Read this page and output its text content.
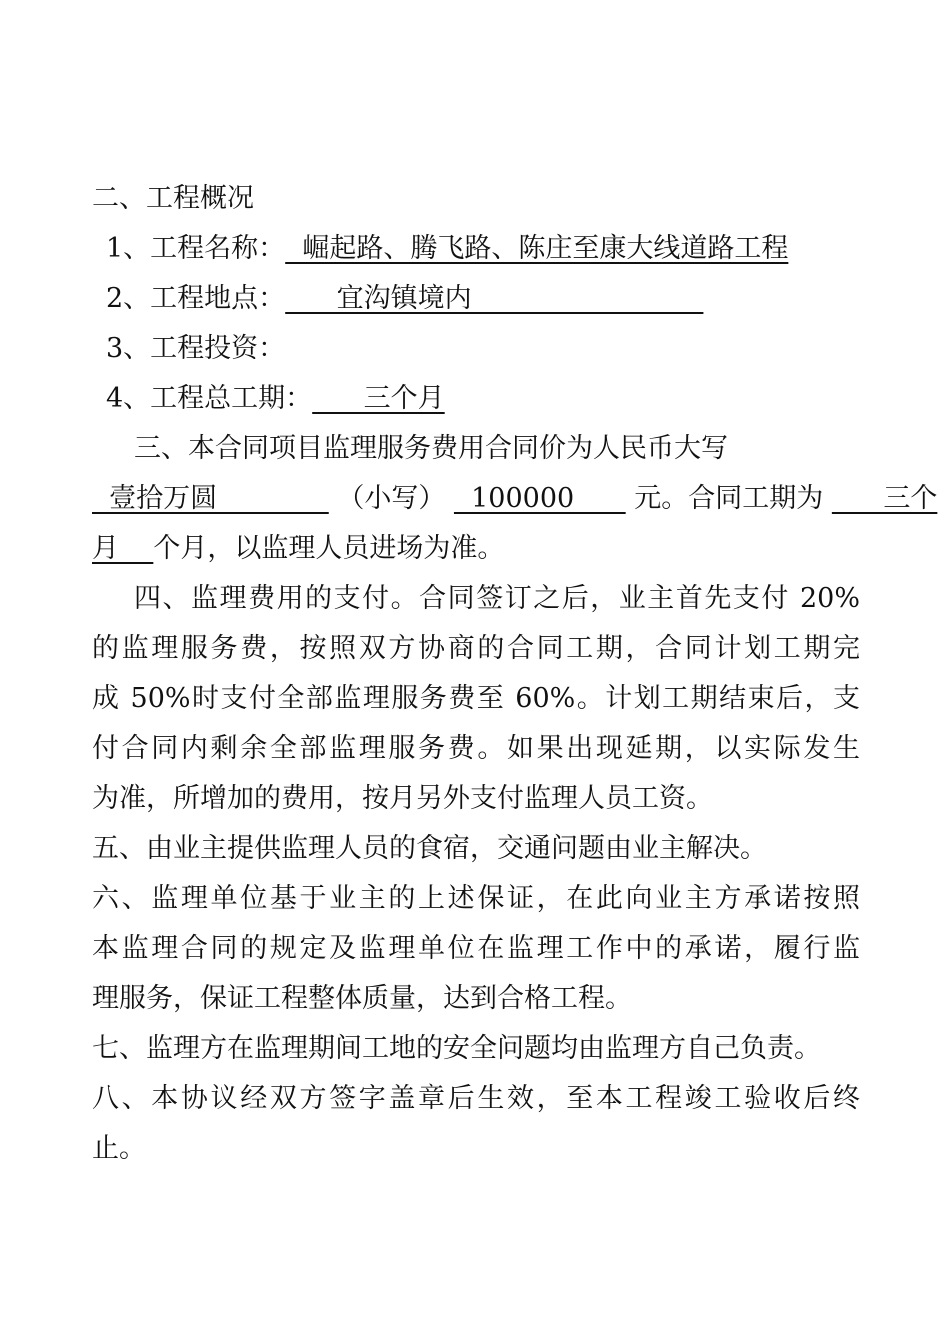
二、工程概况
1、工程名称：  崛起路、腾飞路、陈庄至康大线道路工程
2、工程地点：      宜沟镇境内
3、工程投资：
4、工程总工期：      三个月
三、本合同项目监理服务费用合同价为人民币大写
壹拾万圆              （小写）   100000       元。合同工期为       三个
月    个月，以监理人员进场为准。
四、监理费用的支付。合同签订之后，业主首先支付 20%
的监理服务费，按照双方协商的合同工期，合同计划工期完
成 50%时支付全部监理服务费至 60%。计划工期结束后，支
付合同内剩余全部监理服务费。如果出现延期，以实际发生
为准，所增加的费用，按月另外支付监理人员工资。
五、由业主提供监理人员的食宿，交通问题由业主解决。
六、监理单位基于业主的上述保证，在此向业主方承诺按照
本监理合同的规定及监理单位在监理工作中的承诺，履行监
理服务，保证工程整体质量，达到合格工程。
七、监理方在监理期间工地的安全问题均由监理方自己负责。
八、本协议经双方签字盖章后生效，至本工程竣工验收后终
止。
